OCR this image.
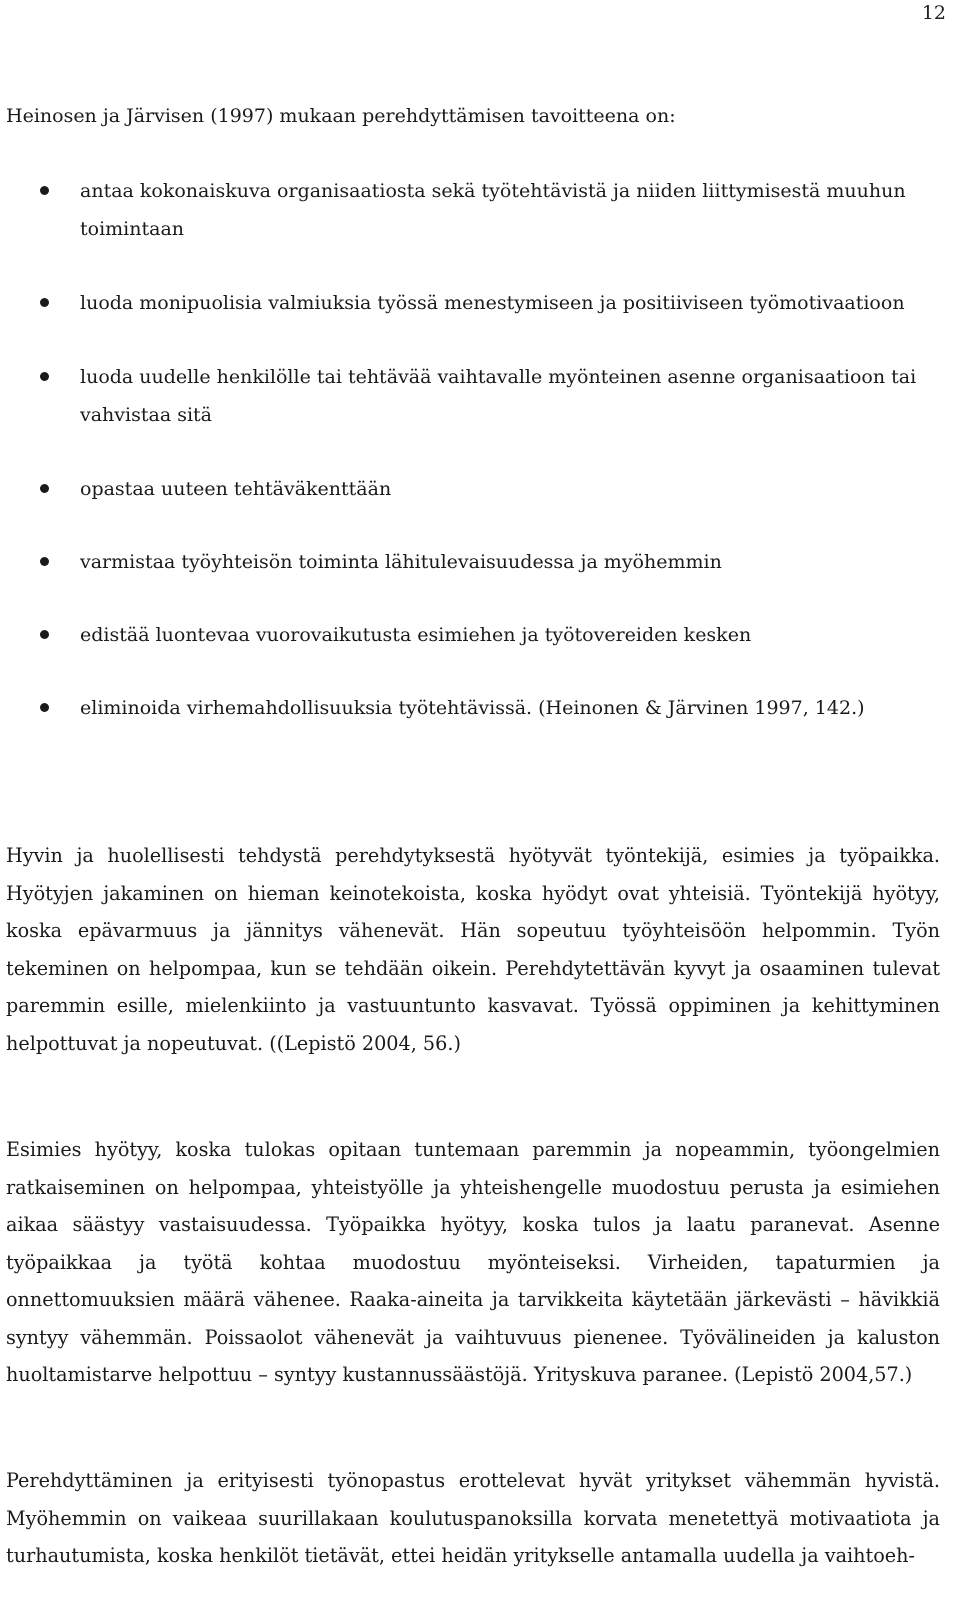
12
Heinosen ja Järvisen (1997) mukaan perehdyttämisen tavoitteena on:
antaa kokonaiskuva organisaatiosta sekä työtehtävistä ja niiden liittymisestä muuhun toimintaan
luoda monipuolisia valmiuksia työssä menestymiseen ja positiiviseen työmotivaatioon
luoda uudelle henkilölle tai tehtävää vaihtavalle myönteinen asenne organisaatioon tai vahvistaa sitä
opastaa uuteen tehtäväkenttään
varmistaa työyhteisön toiminta lähitulevaisuudessa ja myöhemmin
edistää luontevaa vuorovaikutusta esimiehen ja työtovereiden kesken
eliminoida virhemahdollisuuksia työtehtävissä. (Heinonen & Järvinen 1997, 142.)

Hyvin ja huolellisesti tehdystä perehdytyksestä hyötyvät työntekijä, esimies ja työpaikka. Hyötyjen jakaminen on hieman keinotekoista, koska hyödyt ovat yhteisiä. Työntekijä hyötyy, koska epävarmuus ja jännitys vähenevät. Hän sopeutuu työyhteisöön helpommin. Työn tekeminen on helpompaa, kun se tehdään oikein. Perehdytettävän kyvyt ja osaaminen tulevat paremmin esille, mielenkiinto ja vastuuntunto kasvavat. Työssä oppiminen ja kehittyminen helpottuvat ja nopeutuvat. ((Lepistö 2004, 56.)

Esimies hyötyy, koska tulokas opitaan tuntemaan paremmin ja nopeammin, työongelmien ratkaiseminen on helpompaa, yhteistyölle ja yhteishengelle muodostuu perusta ja esimiehen aikaa säästyy vastaisuudessa. Työpaikka hyötyy, koska tulos ja laatu paranevat. Asenne työpaikkaa ja työtä kohtaa muodostuu myönteiseksi. Virheiden, tapaturmien ja onnettomuuksien määrä vähenee. Raaka-aineita ja tarvikkeita käytetään järkevästi – hävikkiä syntyy vähemmän. Poissaolot vähenevät ja vaihtuvuus pienenee. Työvälineiden ja kaluston huoltamistarve helpottuu – syntyy kustannussäästöjä. Yrityskuva paranee. (Lepistö 2004,57.)

Perehdyttäminen ja erityisesti työnopastus erottelevat hyvät yritykset vähemmän hyvistä. Myöhemmin on vaikeaa suurillakaan koulutuspanoksilla korvata menetettyä motivaatiota ja turhautumista, koska henkilöt tietävät, ettei heidän yritykselle antamalla uudella ja vaihtoeh-
